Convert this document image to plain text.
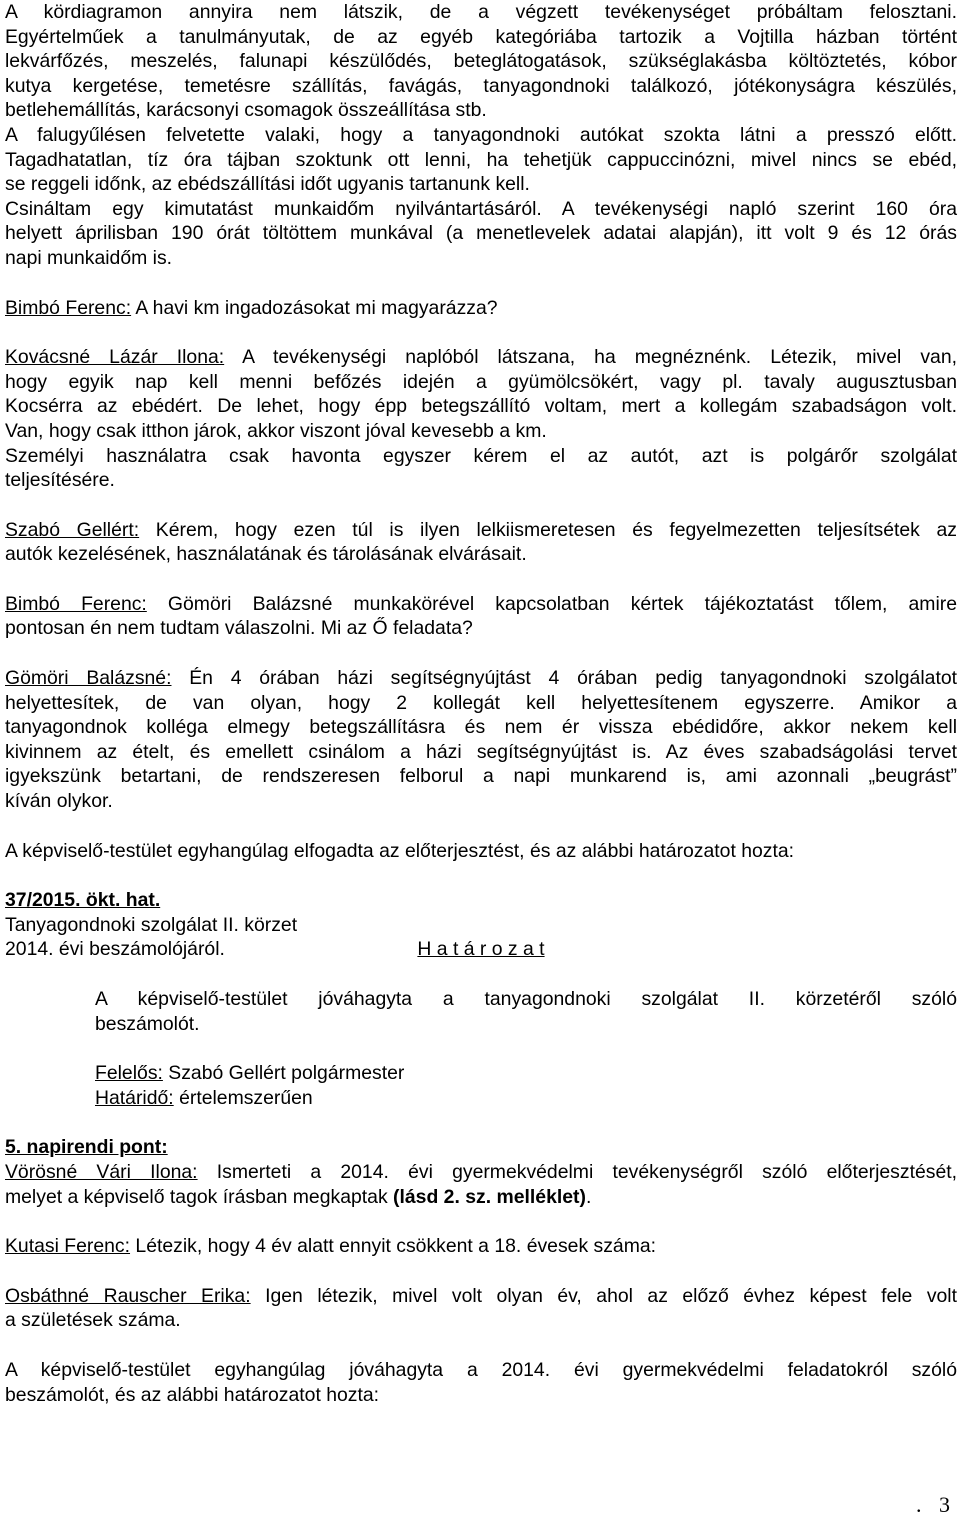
A kördiagramon annyira nem látszik, de a végzett tevékenységet próbáltam felosztani.

Egyértelműek a tanulmányutak, de az egyéb kategóriába tartozik a Vojtilla házban történt

lekvárfőzés, meszelés, falunapi készülődés, beteglátogatások, szükséglakásba költöztetés, kóbor

kutya kergetése, temetésre szállítás, favágás, tanyagondnoki találkozó, jótékonyságra készülés,

betlehemállítás, karácsonyi csomagok összeállítása stb.

A falugyűlésen felvetette valaki, hogy a tanyagondnoki autókat szokta látni a presszó előtt.

Tagadhatatlan, tíz óra tájban szoktunk ott lenni, ha tehetjük cappuccinózni, mivel nincs se ebéd,

se reggeli időnk, az ebédszállítási időt ugyanis tartanunk kell.

Csináltam egy kimutatást munkaidőm nyilvántartásáról. A tevékenységi napló szerint 160 óra

helyett áprilisban 190 órát töltöttem munkával (a menetlevelek adatai alapján), itt volt 9 és 12 órás

napi munkaidőm is.

Bimbó Ferenc: A havi km ingadozásokat mi magyarázza?

Kovácsné Lázár Ilona: A tevékenységi naplóból látszana, ha megnéznénk. Létezik, mivel van,

hogy egyik nap kell menni befőzés idején a gyümölcsökért, vagy pl. tavaly augusztusban

Kocsérra az ebédért. De lehet, hogy épp betegszállító voltam, mert a kollegám szabadságon volt.

Van, hogy csak itthon járok, akkor viszont jóval kevesebb a km.

Személyi használatra csak havonta egyszer kérem el az autót, azt is polgárőr szolgálat

teljesítésére.

Szabó Gellért: Kérem, hogy ezen túl is ilyen lelkiismeretesen és fegyelmezetten teljesítsétek az

autók kezelésének, használatának és tárolásának elvárásait.

Bimbó Ferenc: Gömöri Balázsné munkakörével kapcsolatban kértek tájékoztatást tőlem, amire

pontosan én nem tudtam válaszolni. Mi az Ő feladata?

Gömöri Balázsné: Én 4 órában házi segítségnyújtást 4 órában pedig tanyagondnoki szolgálatot

helyettesítek, de van olyan, hogy 2 kollegát kell helyettesítenem egyszerre. Amikor a

tanyagondnok kolléga elmegy betegszállításra és nem ér vissza ebédidőre, akkor nekem kell

kivinnem az ételt, és emellett csinálom a házi segítségnyújtást is. Az éves szabadságolási tervet

igyekszünk betartani, de rendszeresen felborul a napi munkarend is, ami azonnali „beugrást”

kíván olykor.

A képviselő-testület egyhangúlag elfogadta az előterjesztést, és az alábbi határozatot hozta:

37/2015. ökt. hat.

Tanyagondnoki szolgálat II. körzet

2014. évi beszámolójáról.	H a t á r o z a t

A képviselő-testület jóváhagyta a tanyagondnoki szolgálat II. körzetéről szóló

beszámolót.

Felelős: Szabó Gellért polgármester

Határidő: értelemszerűen

5. napirendi pont:

Vörösné Vári Ilona: Ismerteti a 2014. évi gyermekvédelmi tevékenységről szóló előterjesztését,

melyet a képviselő tagok írásban megkaptak (lásd 2. sz. melléklet).

Kutasi Ferenc: Létezik, hogy 4 év alatt ennyit csökkent a 18. évesek száma:

Osbáthné Rauscher Erika: Igen létezik, mivel volt olyan év, ahol az előző évhez képest fele volt

a születések száma.

A képviselő-testület egyhangúlag jóváhagyta a 2014. évi gyermekvédelmi feladatokról szóló

beszámolót, és az alábbi határozatot hozta:

. 3
